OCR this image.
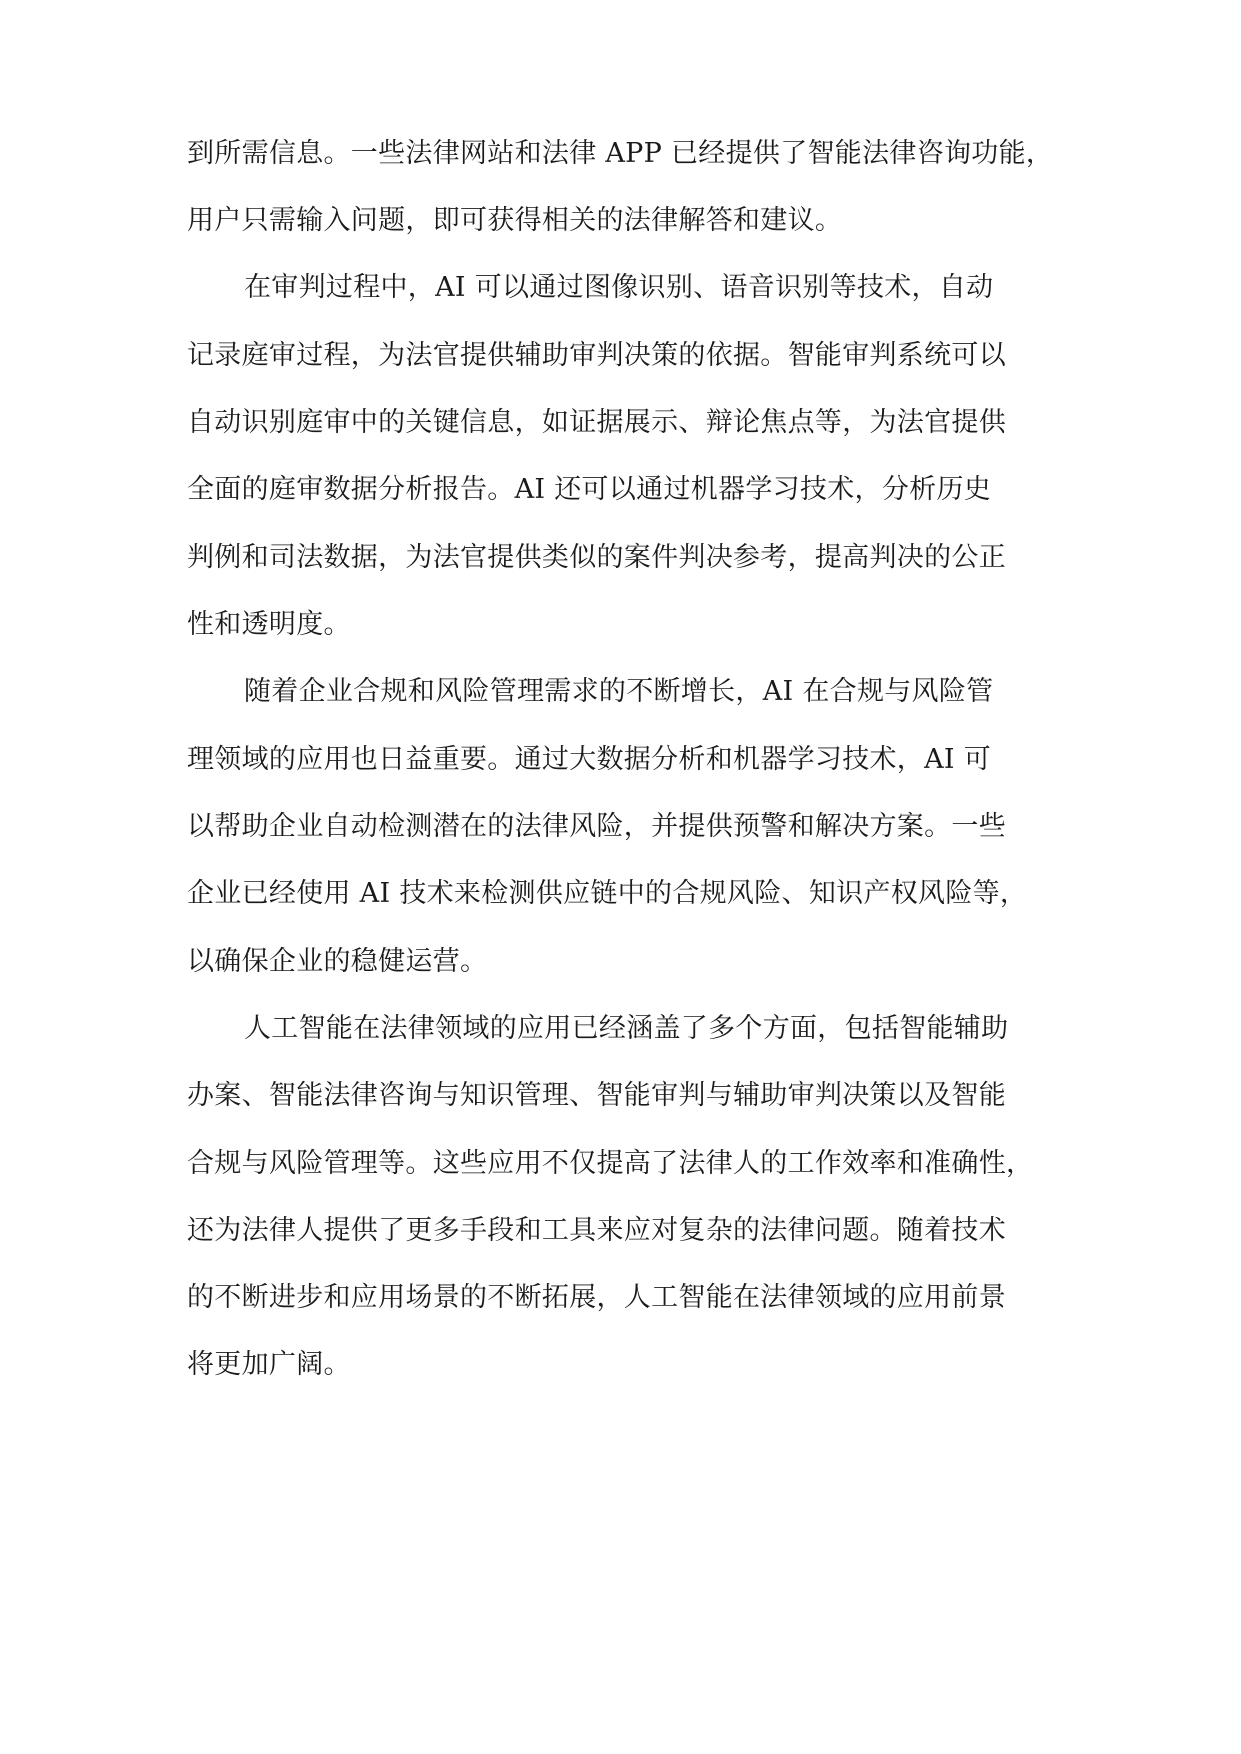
到所需信息。一些法律网站和法律 APP 已经提供了智能法律咨询功能，
用户只需输入问题，即可获得相关的法律解答和建议。
在审判过程中，AI 可以通过图像识别、语音识别等技术，自动
记录庭审过程，为法官提供辅助审判决策的依据。智能审判系统可以
自动识别庭审中的关键信息，如证据展示、辩论焦点等，为法官提供
全面的庭审数据分析报告。AI 还可以通过机器学习技术，分析历史
判例和司法数据，为法官提供类似的案件判决参考，提高判决的公正
性和透明度。
随着企业合规和风险管理需求的不断增长，AI 在合规与风险管
理领域的应用也日益重要。通过大数据分析和机器学习技术，AI 可
以帮助企业自动检测潜在的法律风险，并提供预警和解决方案。一些
企业已经使用 AI 技术来检测供应链中的合规风险、知识产权风险等，
以确保企业的稳健运营。
人工智能在法律领域的应用已经涵盖了多个方面，包括智能辅助
办案、智能法律咨询与知识管理、智能审判与辅助审判决策以及智能
合规与风险管理等。这些应用不仅提高了法律人的工作效率和准确性，
还为法律人提供了更多手段和工具来应对复杂的法律问题。随着技术
的不断进步和应用场景的不断拓展，人工智能在法律领域的应用前景
将更加广阔。
